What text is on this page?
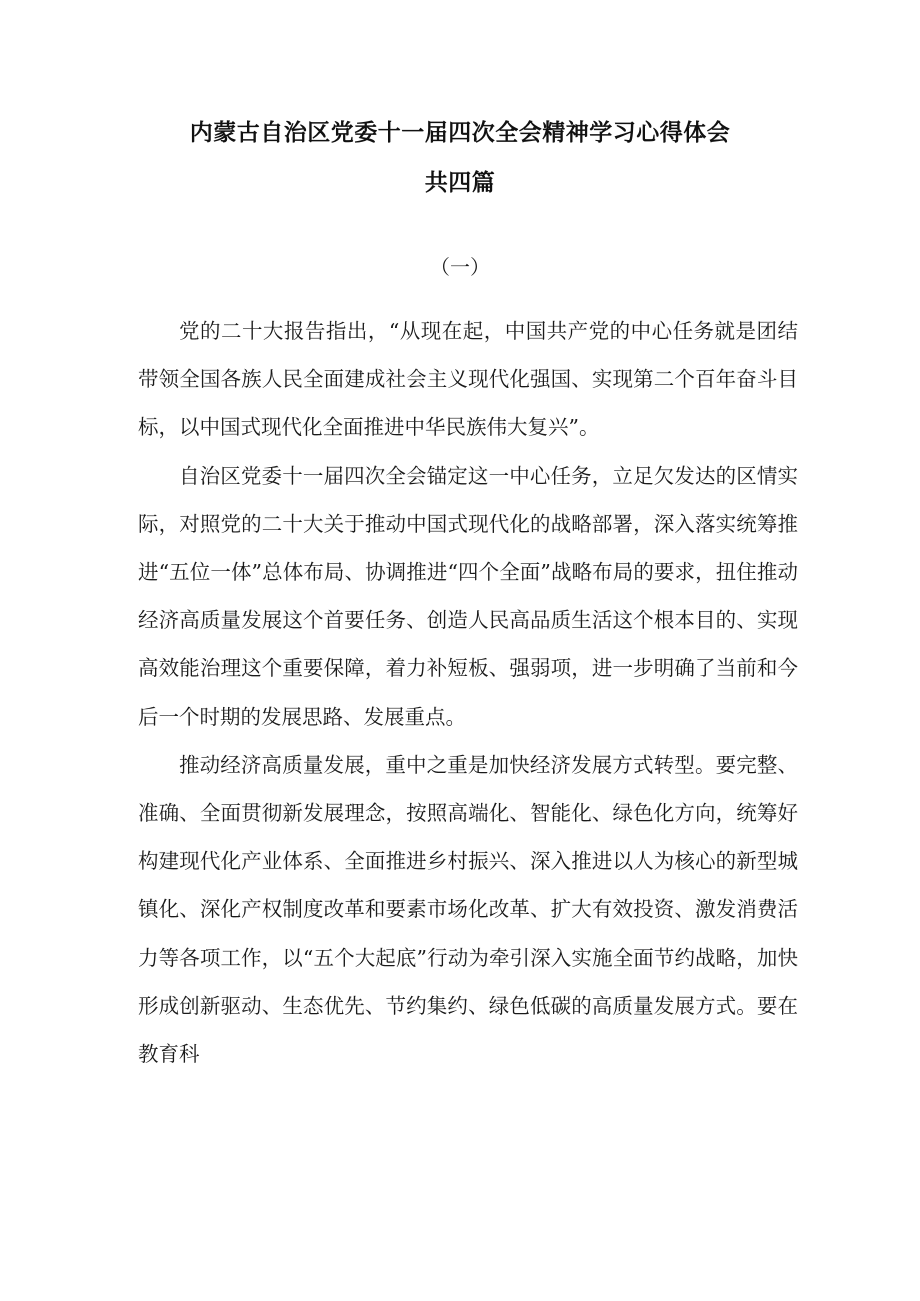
内蒙古自治区党委十一届四次全会精神学习心得体会
共四篇
（一）

党的二十大报告指出，“从现在起，中国共产党的中心任务就是团结带领全国各族人民全面建成社会主义现代化强国、实现第二个百年奋斗目标，以中国式现代化全面推进中华民族伟大复兴”。

自治区党委十一届四次全会锚定这一中心任务，立足欠发达的区情实际，对照党的二十大关于推动中国式现代化的战略部署，深入落实统筹推进“五位一体”总体布局、协调推进“四个全面”战略布局的要求，扭住推动经济高质量发展这个首要任务、创造人民高品质生活这个根本目的、实现高效能治理这个重要保障，着力补短板、强弱项，进一步明确了当前和今后一个时期的发展思路、发展重点。

推动经济高质量发展，重中之重是加快经济发展方式转型。要完整、准确、全面贯彻新发展理念，按照高端化、智能化、绿色化方向，统筹好构建现代化产业体系、全面推进乡村振兴、深入推进以人为核心的新型城镇化、深化产权制度改革和要素市场化改革、扩大有效投资、激发消费活力等各项工作，以“五个大起底”行动为牵引深入实施全面节约战略，加快形成创新驱动、生态优先、节约集约、绿色低碳的高质量发展方式。要在教育科
